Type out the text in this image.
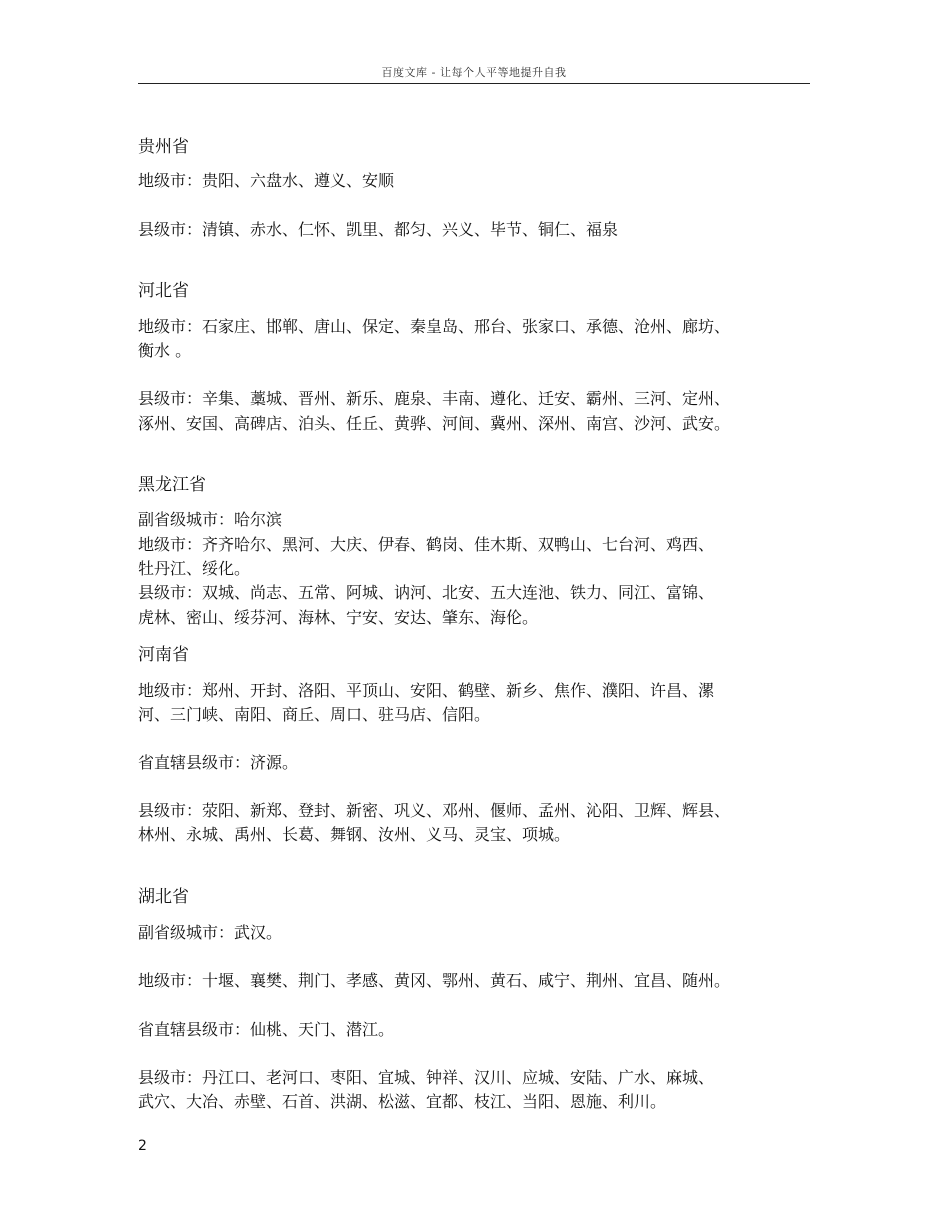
百度文库 - 让每个人平等地提升自我
贵州省
地级市：贵阳、六盘水、遵义、安顺
县级市：清镇、赤水、仁怀、凯里、都匀、兴义、毕节、铜仁、福泉
河北省
地级市：石家庄、邯郸、唐山、保定、秦皇岛、邢台、张家口、承德、沧州、廊坊、
衡水 。
县级市：辛集、藁城、晋州、新乐、鹿泉、丰南、遵化、迁安、霸州、三河、定州、
涿州、安国、高碑店、泊头、任丘、黄骅、河间、冀州、深州、南宫、沙河、武安。
黑龙江省
副省级城市：哈尔滨
地级市：齐齐哈尔、黑河、大庆、伊春、鹤岗、佳木斯、双鸭山、七台河、鸡西、
牡丹江、绥化。
县级市：双城、尚志、五常、阿城、讷河、北安、五大连池、铁力、同江、富锦、
虎林、密山、绥芬河、海林、宁安、安达、肇东、海伦。
河南省
地级市：郑州、开封、洛阳、平顶山、安阳、鹤壁、新乡、焦作、濮阳、许昌、漯
河、三门峡、南阳、商丘、周口、驻马店、信阳。
省直辖县级市：济源。
县级市：荥阳、新郑、登封、新密、巩义、邓州、偃师、孟州、沁阳、卫辉、辉县、
林州、永城、禹州、长葛、舞钢、汝州、义马、灵宝、项城。
湖北省
副省级城市：武汉。
地级市：十堰、襄樊、荆门、孝感、黄冈、鄂州、黄石、咸宁、荆州、宜昌、随州。
省直辖县级市：仙桃、天门、潜江。
县级市：丹江口、老河口、枣阳、宜城、钟祥、汉川、应城、安陆、广水、麻城、
武穴、大冶、赤壁、石首、洪湖、松滋、宜都、枝江、当阳、恩施、利川。
2
